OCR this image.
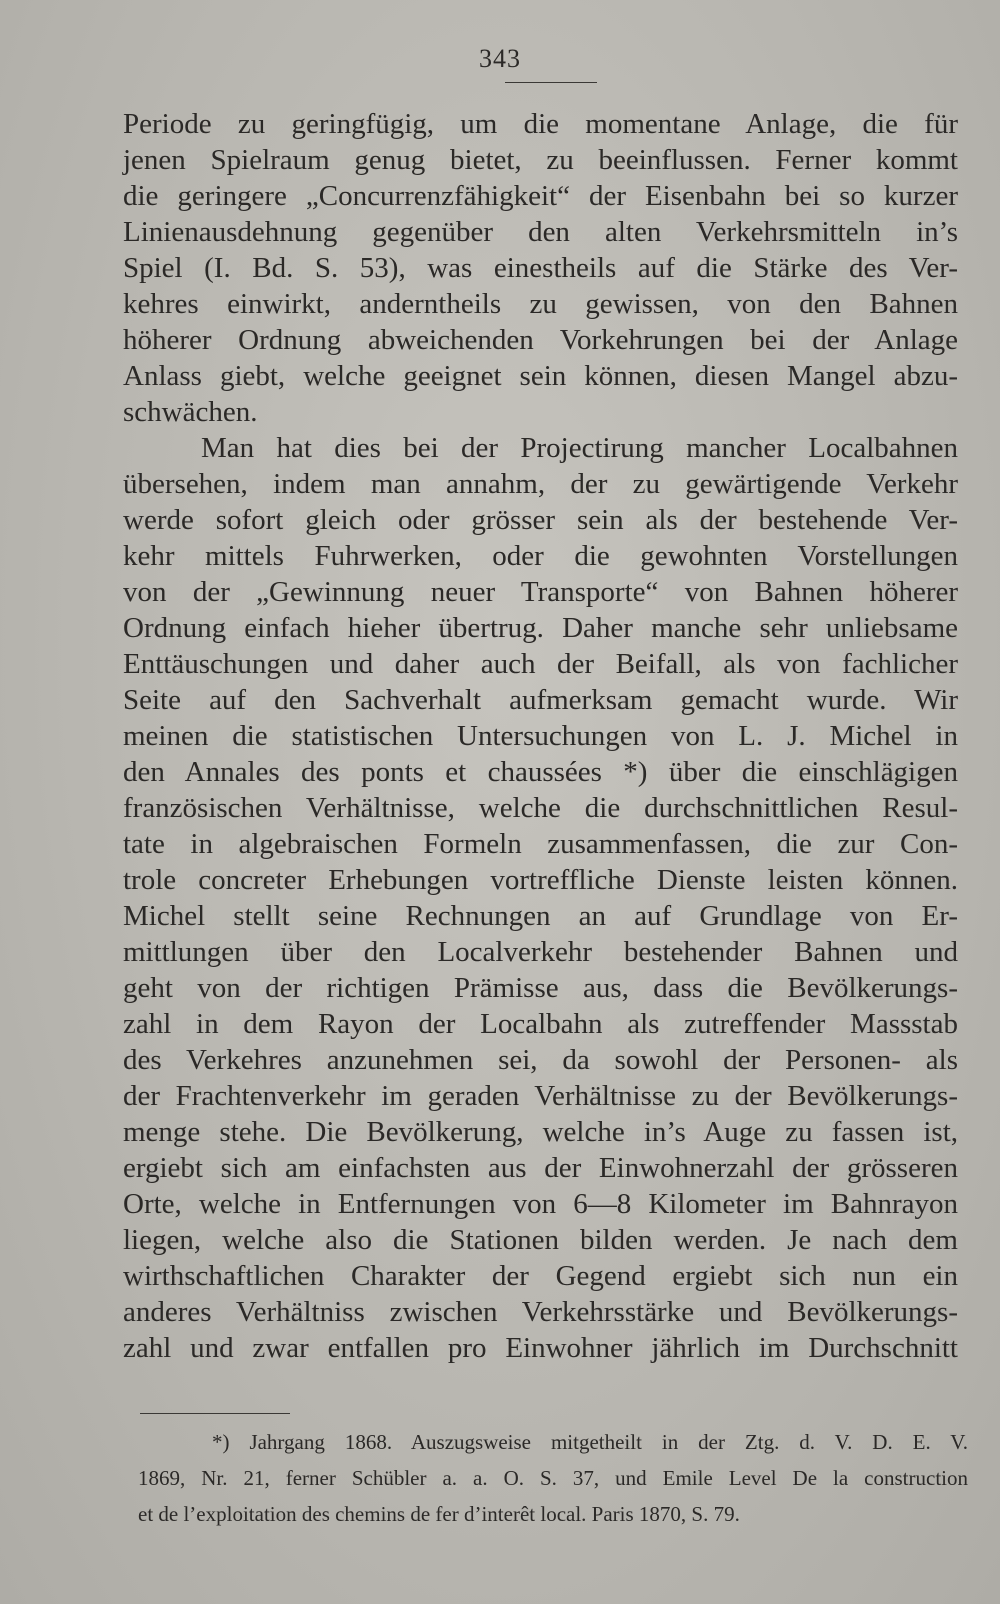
343
Periode zu geringfügig, um die momentane Anlage, die für
jenen Spielraum genug bietet, zu beeinflussen. Ferner kommt
die geringere „Concurrenzfähigkeit“ der Eisenbahn bei so kurzer
Linienausdehnung gegenüber den alten Verkehrsmitteln in’s
Spiel (I. Bd. S. 53), was einestheils auf die Stärke des Ver-
kehres einwirkt, anderntheils zu gewissen, von den Bahnen
höherer Ordnung abweichenden Vorkehrungen bei der Anlage
Anlass giebt, welche geeignet sein können, diesen Mangel abzu-
schwächen.
Man hat dies bei der Projectirung mancher Localbahnen
übersehen, indem man annahm, der zu gewärtigende Verkehr
werde sofort gleich oder grösser sein als der bestehende Ver-
kehr mittels Fuhrwerken, oder die gewohnten Vorstellungen
von der „Gewinnung neuer Transporte“ von Bahnen höherer
Ordnung einfach hieher übertrug. Daher manche sehr unliebsame
Enttäuschungen und daher auch der Beifall, als von fachlicher
Seite auf den Sachverhalt aufmerksam gemacht wurde. Wir
meinen die statistischen Untersuchungen von L. J. Michel in
den Annales des ponts et chaussées *) über die einschlägigen
französischen Verhältnisse, welche die durchschnittlichen Resul-
tate in algebraischen Formeln zusammenfassen, die zur Con-
trole concreter Erhebungen vortreffliche Dienste leisten können.
Michel stellt seine Rechnungen an auf Grundlage von Er-
mittlungen über den Localverkehr bestehender Bahnen und
geht von der richtigen Prämisse aus, dass die Bevölkerungs-
zahl in dem Rayon der Localbahn als zutreffender Massstab
des Verkehres anzunehmen sei, da sowohl der Personen- als
der Frachtenverkehr im geraden Verhältnisse zu der Bevölkerungs-
menge stehe. Die Bevölkerung, welche in’s Auge zu fassen ist,
ergiebt sich am einfachsten aus der Einwohnerzahl der grösseren
Orte, welche in Entfernungen von 6—8 Kilometer im Bahnrayon
liegen, welche also die Stationen bilden werden. Je nach dem
wirthschaftlichen Charakter der Gegend ergiebt sich nun ein
anderes Verhältniss zwischen Verkehrsstärke und Bevölkerungs-
zahl und zwar entfallen pro Einwohner jährlich im Durchschnitt
*) Jahrgang 1868. Auszugsweise mitgetheilt in der Ztg. d. V. D. E. V.
1869, Nr. 21, ferner Schübler a. a. O. S. 37, und Emile Level De la construction
et de l’exploitation des chemins de fer d’interêt local. Paris 1870, S. 79.
